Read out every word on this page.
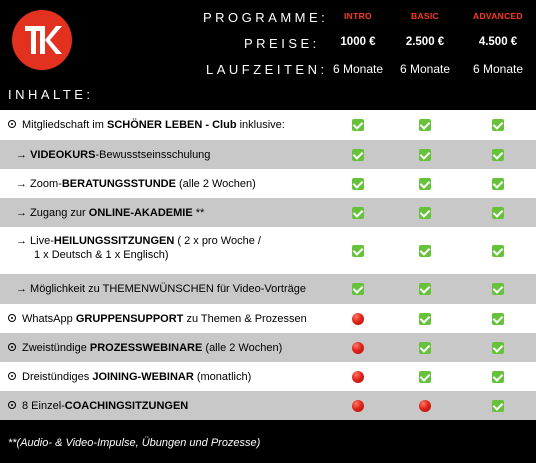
PROGRAMME:
PREISE:
LAUFZEITEN:
INTRO
1000 €
6 Monate
BASIC
2.500 €
6 Monate
ADVANCED
4.500 €
6 Monate
INHALTE:
Mitgliedschaft im SCHÖNER LEBEN - Club inklusive:
→ VIDEOKURS-Bewusstseinsschulung
→ Zoom-BERATUNGSSTUNDE (alle 2 Wochen)
→ Zugang zur ONLINE-AKADEMIE **
→ Live-HEILUNGSSITZUNGEN ( 2 x pro Woche /
1 x Deutsch & 1 x Englisch)
→ Möglichkeit zu THEMENWÜNSCHEN für Video-Vorträge
WhatsApp GRUPPENSUPPORT zu Themen & Prozessen
Zweistündige PROZESSWEBINARE (alle 2 Wochen)
Dreistündiges JOINING-WEBINAR (monatlich)
8 Einzel-COACHINGSITZUNGEN
**(Audio- & Video-Impulse, Übungen und Prozesse)
